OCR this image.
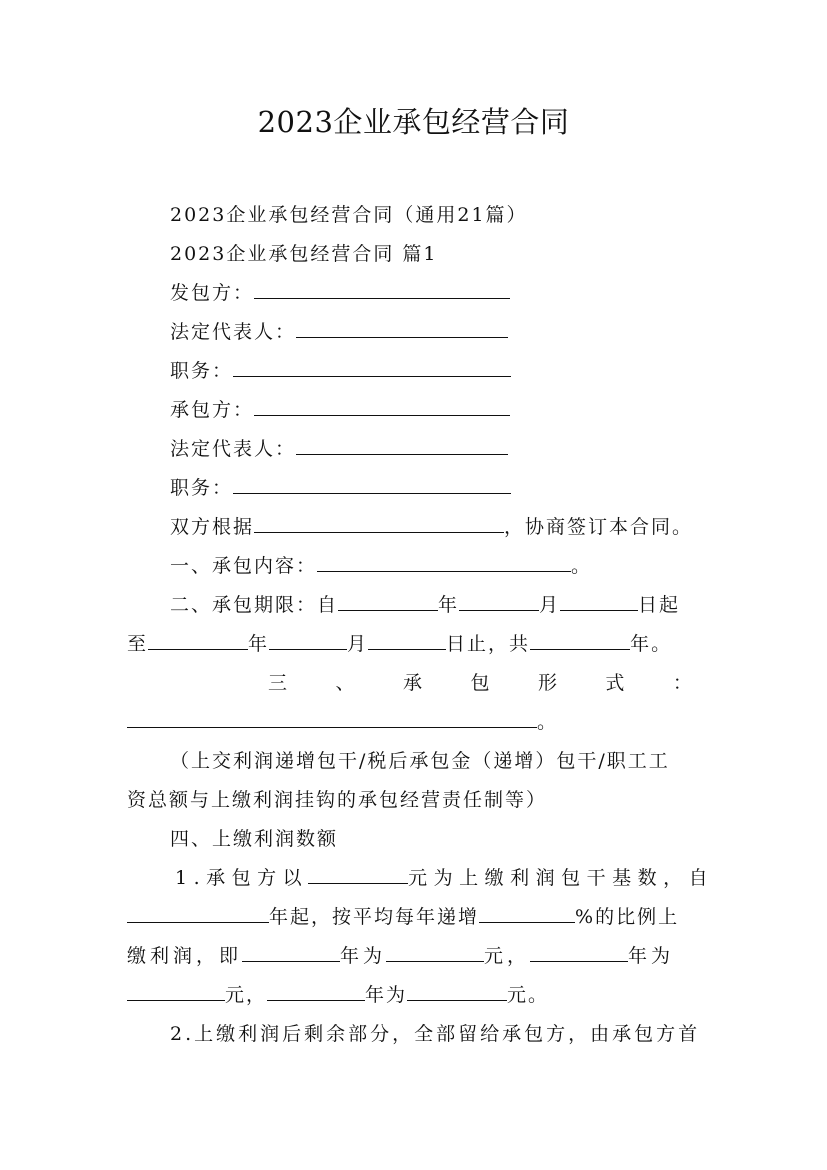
2023企业承包经营合同
2023企业承包经营合同（通用21篇）
2023企业承包经营合同 篇1
发包方：
法定代表人：
职务：
承包方：
法定代表人：
职务：
双方根据	，协商签订本合同。
一、承包内容：	。
二、承包期限：自	年	月	日起
至	年	月	日止，共	年。
三	、	承	包	形	式	：
。
（上交利润递增包干/税后承包金（递增）包干/职工工
资总额与上缴利润挂钩的承包经营责任制等）
四、上缴利润数额
1.承包方以	元为上缴利润包干基数，自
年起，按平均每年递增	%的比例上
缴利润，即	年为	元，	年为
元，	年为	元。
2.上缴利润后剩余部分，全部留给承包方，由承包方首
